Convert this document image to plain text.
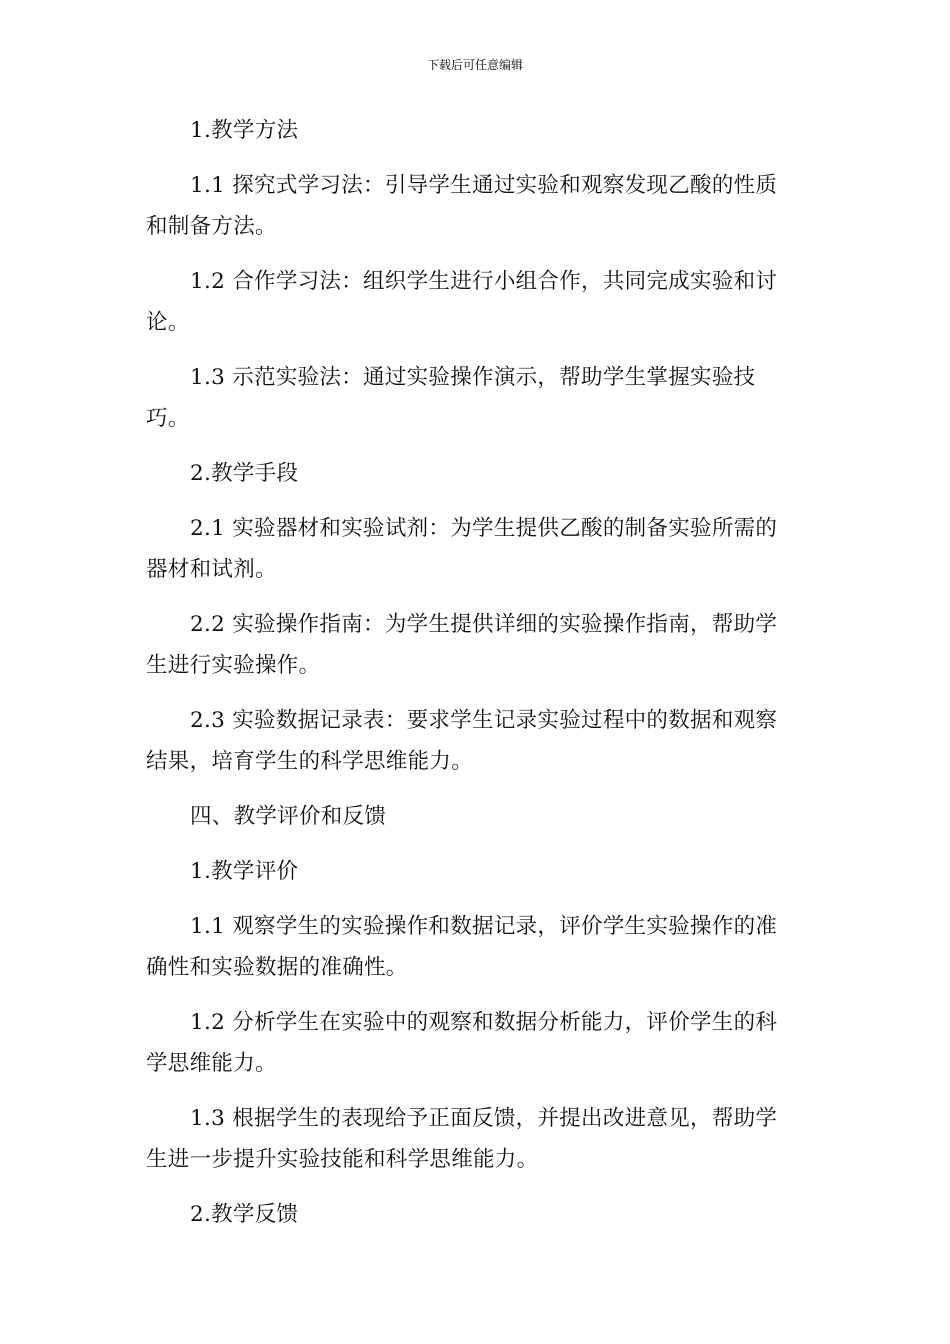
下载后可任意编辑

1.教学方法

1.1 探究式学习法：引导学生通过实验和观察发现乙酸的性质和制备方法。

1.2 合作学习法：组织学生进行小组合作，共同完成实验和讨论。

1.3 示范实验法：通过实验操作演示，帮助学生掌握实验技巧。

2.教学手段

2.1 实验器材和实验试剂：为学生提供乙酸的制备实验所需的器材和试剂。

2.2 实验操作指南：为学生提供详细的实验操作指南，帮助学生进行实验操作。

2.3 实验数据记录表：要求学生记录实验过程中的数据和观察结果，培育学生的科学思维能力。

四、教学评价和反馈

1.教学评价

1.1 观察学生的实验操作和数据记录，评价学生实验操作的准确性和实验数据的准确性。

1.2 分析学生在实验中的观察和数据分析能力，评价学生的科学思维能力。

1.3 根据学生的表现给予正面反馈，并提出改进意见，帮助学生进一步提升实验技能和科学思维能力。

2.教学反馈
